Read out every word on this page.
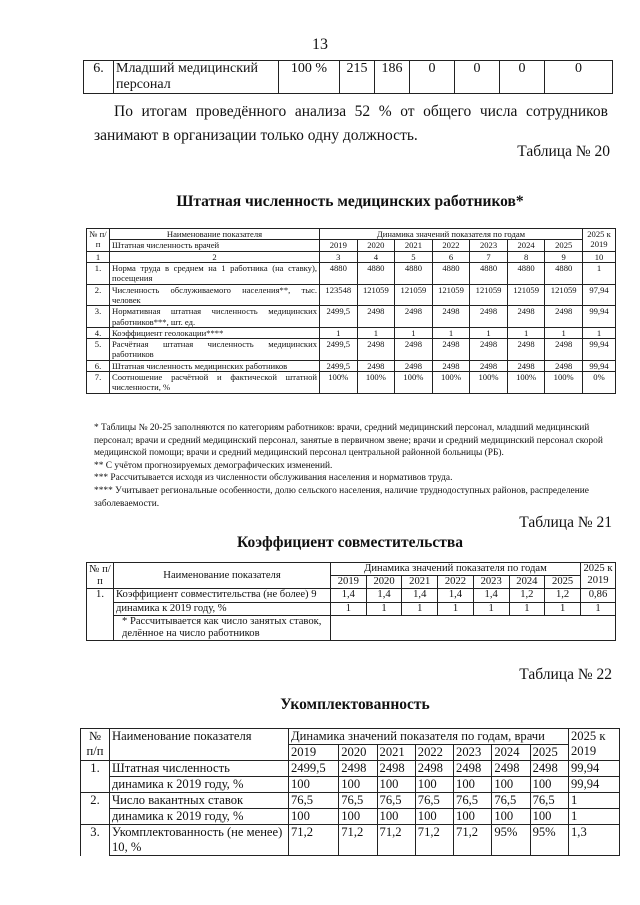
13
6.	Младший медицинский персонал	100 %	215	186	0	0	0	0
По итогам проведённого анализа 52 % от общего числа сотрудников занимают в организации только одну должность.
Таблица № 20
Штатная численность медицинских работников*
№ п/п	Наименование показателя	Динамика значений показателя по годам							2025 к 2019
	Штатная численность врачей	2019	2020	2021	2022	2023	2024	2025	
1	2	3	4	5	6	7	8	9	10
1.	Норма труда в среднем на 1 работника (на ставку), посещения	4880	4880	4880	4880	4880	4880	4880	1
2.	Численность обслуживаемого населения**, тыс. человек	123548	121059	121059	121059	121059	121059	121059	97,94
3.	Нормативная штатная численность медицинских работников***, шт. ед.	2499,5	2498	2498	2498	2498	2498	2498	99,94
4.	Коэффициент геолокации****	1	1	1	1	1	1	1	1
5.	Расчётная штатная численность медицинских работников	2499,5	2498	2498	2498	2498	2498	2498	99,94
6.	Штатная численность медицинских работников	2499,5	2498	2498	2498	2498	2498	2498	99,94
7.	Соотношение расчётной и фактической штатной численности, %	100%	100%	100%	100%	100%	100%	100%	0%
* Таблицы № 20-25 заполняются по категориям работников: врачи, средний медицинский персонал, младший медицинский персонал; врачи и средний медицинский персонал, занятые в первичном звене; врачи и средний медицинский персонал скорой медицинской помощи; врачи и средний медицинский персонал центральной районной больницы (РБ).
** С учётом прогнозируемых демографических изменений.
*** Рассчитывается исходя из численности обслуживания населения и нормативов труда.
**** Учитывает региональные особенности, долю сельского населения, наличие труднодоступных районов, распределение заболеваемости.
Таблица № 21
Коэффициент совместительства
№ п/п	Наименование показателя	Динамика значений показателя по годам							2025 к 2019
		2019	2020	2021	2022	2023	2024	2025	
1.	Коэффициент совместительства (не более) 9	1,4	1,4	1,4	1,4	1,4	1,2	1,2	0,86
	динамика к 2019 году, %	1	1	1	1	1	1	1	1
	* Рассчитывается как число занятых ставок, делённое на число работников								
Таблица № 22
Укомплектованность
№ п/п	Наименование показателя	Динамика значений показателя по годам, врачи							2025 к 2019
		2019	2020	2021	2022	2023	2024	2025	
1.	Штатная численность	2499,5	2498	2498	2498	2498	2498	2498	99,94
	динамика к 2019 году, %	100	100	100	100	100	100	100	99,94
2.	Число вакантных ставок	76,5	76,5	76,5	76,5	76,5	76,5	76,5	1
	динамика к 2019 году, %	100	100	100	100	100	100	100	1
3.	Укомплектованность (не менее) 10, %	71,2	71,2	71,2	71,2	71,2	95%	95%	1,3
